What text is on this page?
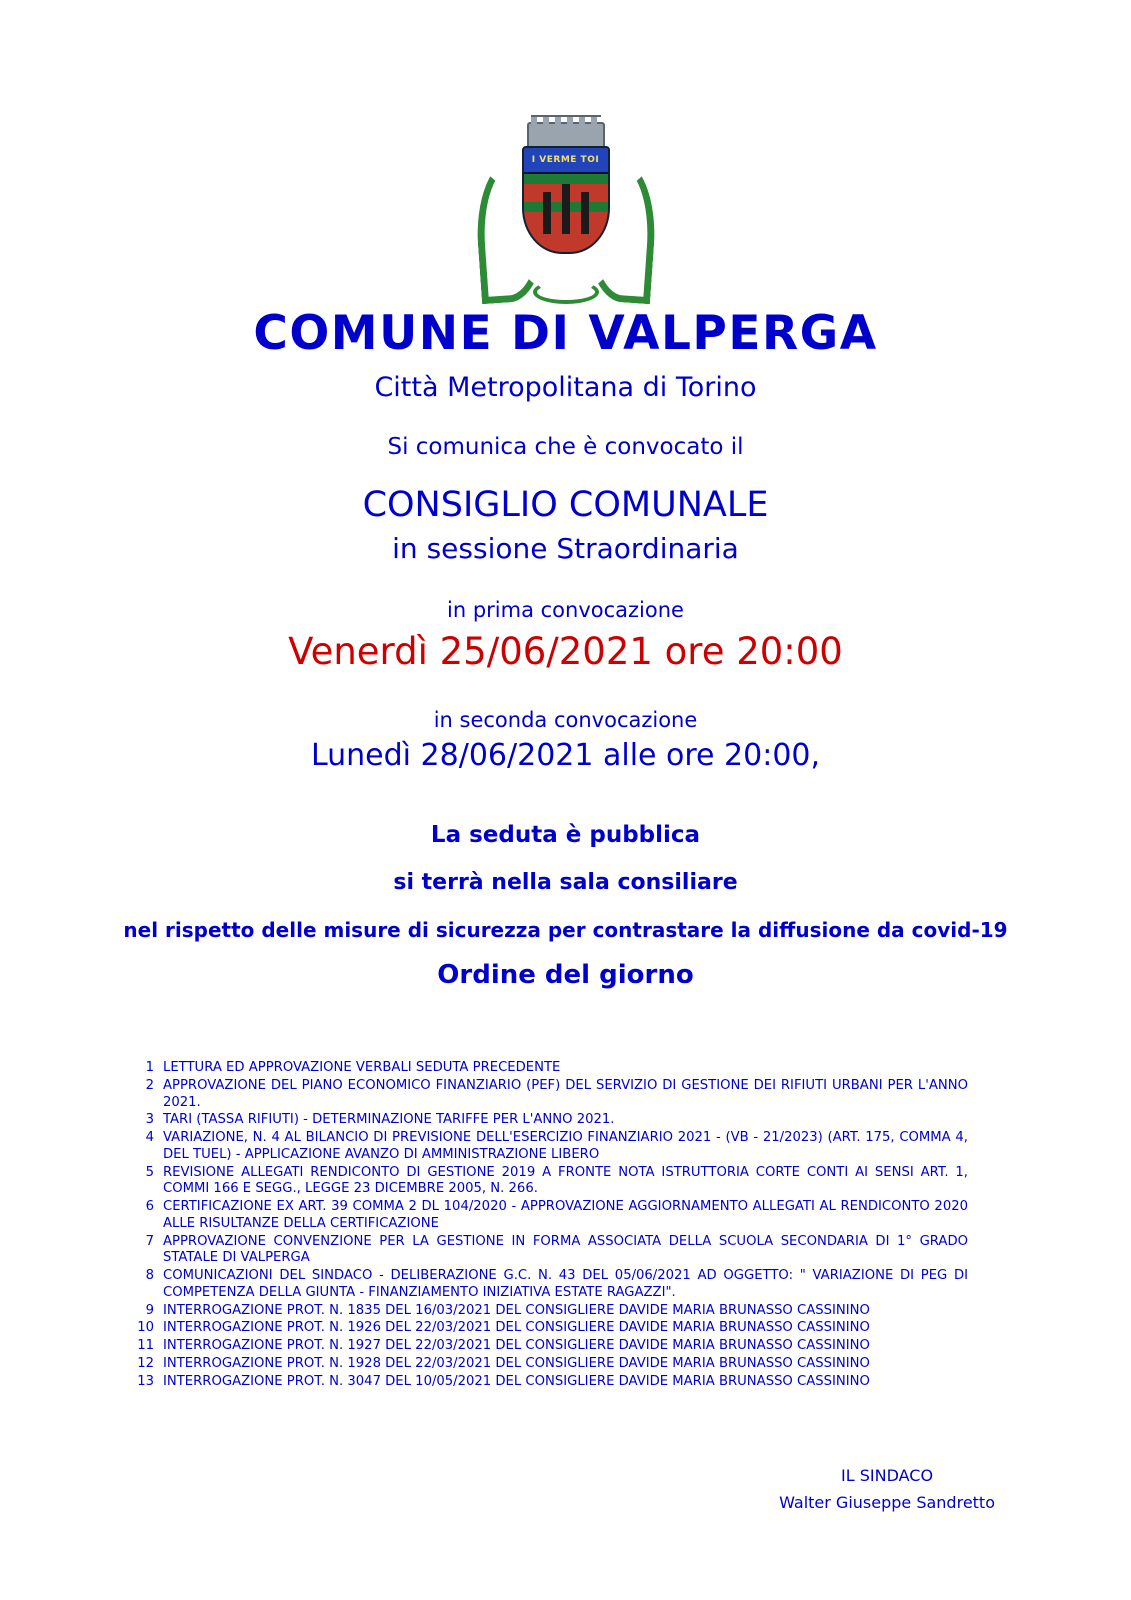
I VERME TOI
COMUNE DI VALPERGA
Città Metropolitana di Torino
Si comunica che è convocato il
CONSIGLIO COMUNALE
in sessione Straordinaria
in prima convocazione
Venerdì 25/06/2021 ore 20:00
in seconda convocazione
Lunedì 28/06/2021 alle ore 20:00,
La seduta è pubblica
si terrà nella sala consiliare
nel rispetto delle misure di sicurezza per contrastare la diffusione da covid-19
Ordine del giorno
1 LETTURA ED APPROVAZIONE VERBALI SEDUTA PRECEDENTE
2 APPROVAZIONE DEL PIANO ECONOMICO FINANZIARIO (PEF) DEL SERVIZIO DI GESTIONE DEI RIFIUTI URBANI PER L'ANNO 2021.
3 TARI (TASSA RIFIUTI) - DETERMINAZIONE TARIFFE PER L'ANNO 2021.
4 VARIAZIONE, N. 4 AL BILANCIO DI PREVISIONE DELL'ESERCIZIO FINANZIARIO 2021 - (VB - 21/2023) (ART. 175, COMMA 4, DEL TUEL) - APPLICAZIONE AVANZO DI AMMINISTRAZIONE LIBERO
5 REVISIONE ALLEGATI RENDICONTO DI GESTIONE 2019 A FRONTE NOTA ISTRUTTORIA CORTE CONTI AI SENSI ART. 1, COMMI 166 E SEGG., LEGGE 23 DICEMBRE 2005, N. 266.
6 CERTIFICAZIONE EX ART. 39 COMMA 2 DL 104/2020 - APPROVAZIONE AGGIORNAMENTO ALLEGATI AL RENDICONTO 2020 ALLE RISULTANZE DELLA CERTIFICAZIONE
7 APPROVAZIONE CONVENZIONE PER LA GESTIONE IN FORMA ASSOCIATA DELLA SCUOLA SECONDARIA DI 1° GRADO STATALE DI VALPERGA
8 COMUNICAZIONI DEL SINDACO - DELIBERAZIONE G.C. N. 43 DEL 05/06/2021 AD OGGETTO: " VARIAZIONE DI PEG DI COMPETENZA DELLA GIUNTA - FINANZIAMENTO INIZIATIVA ESTATE RAGAZZI".
9 INTERROGAZIONE PROT. N. 1835 DEL 16/03/2021 DEL CONSIGLIERE DAVIDE MARIA BRUNASSO CASSININO
10 INTERROGAZIONE PROT. N. 1926 DEL 22/03/2021 DEL CONSIGLIERE DAVIDE MARIA BRUNASSO CASSININO
11 INTERROGAZIONE PROT. N. 1927 DEL 22/03/2021 DEL CONSIGLIERE DAVIDE MARIA BRUNASSO CASSININO
12 INTERROGAZIONE PROT. N. 1928 DEL 22/03/2021 DEL CONSIGLIERE DAVIDE MARIA BRUNASSO CASSININO
13 INTERROGAZIONE PROT. N. 3047 DEL 10/05/2021 DEL CONSIGLIERE DAVIDE MARIA BRUNASSO CASSININO
IL SINDACO
Walter Giuseppe Sandretto
